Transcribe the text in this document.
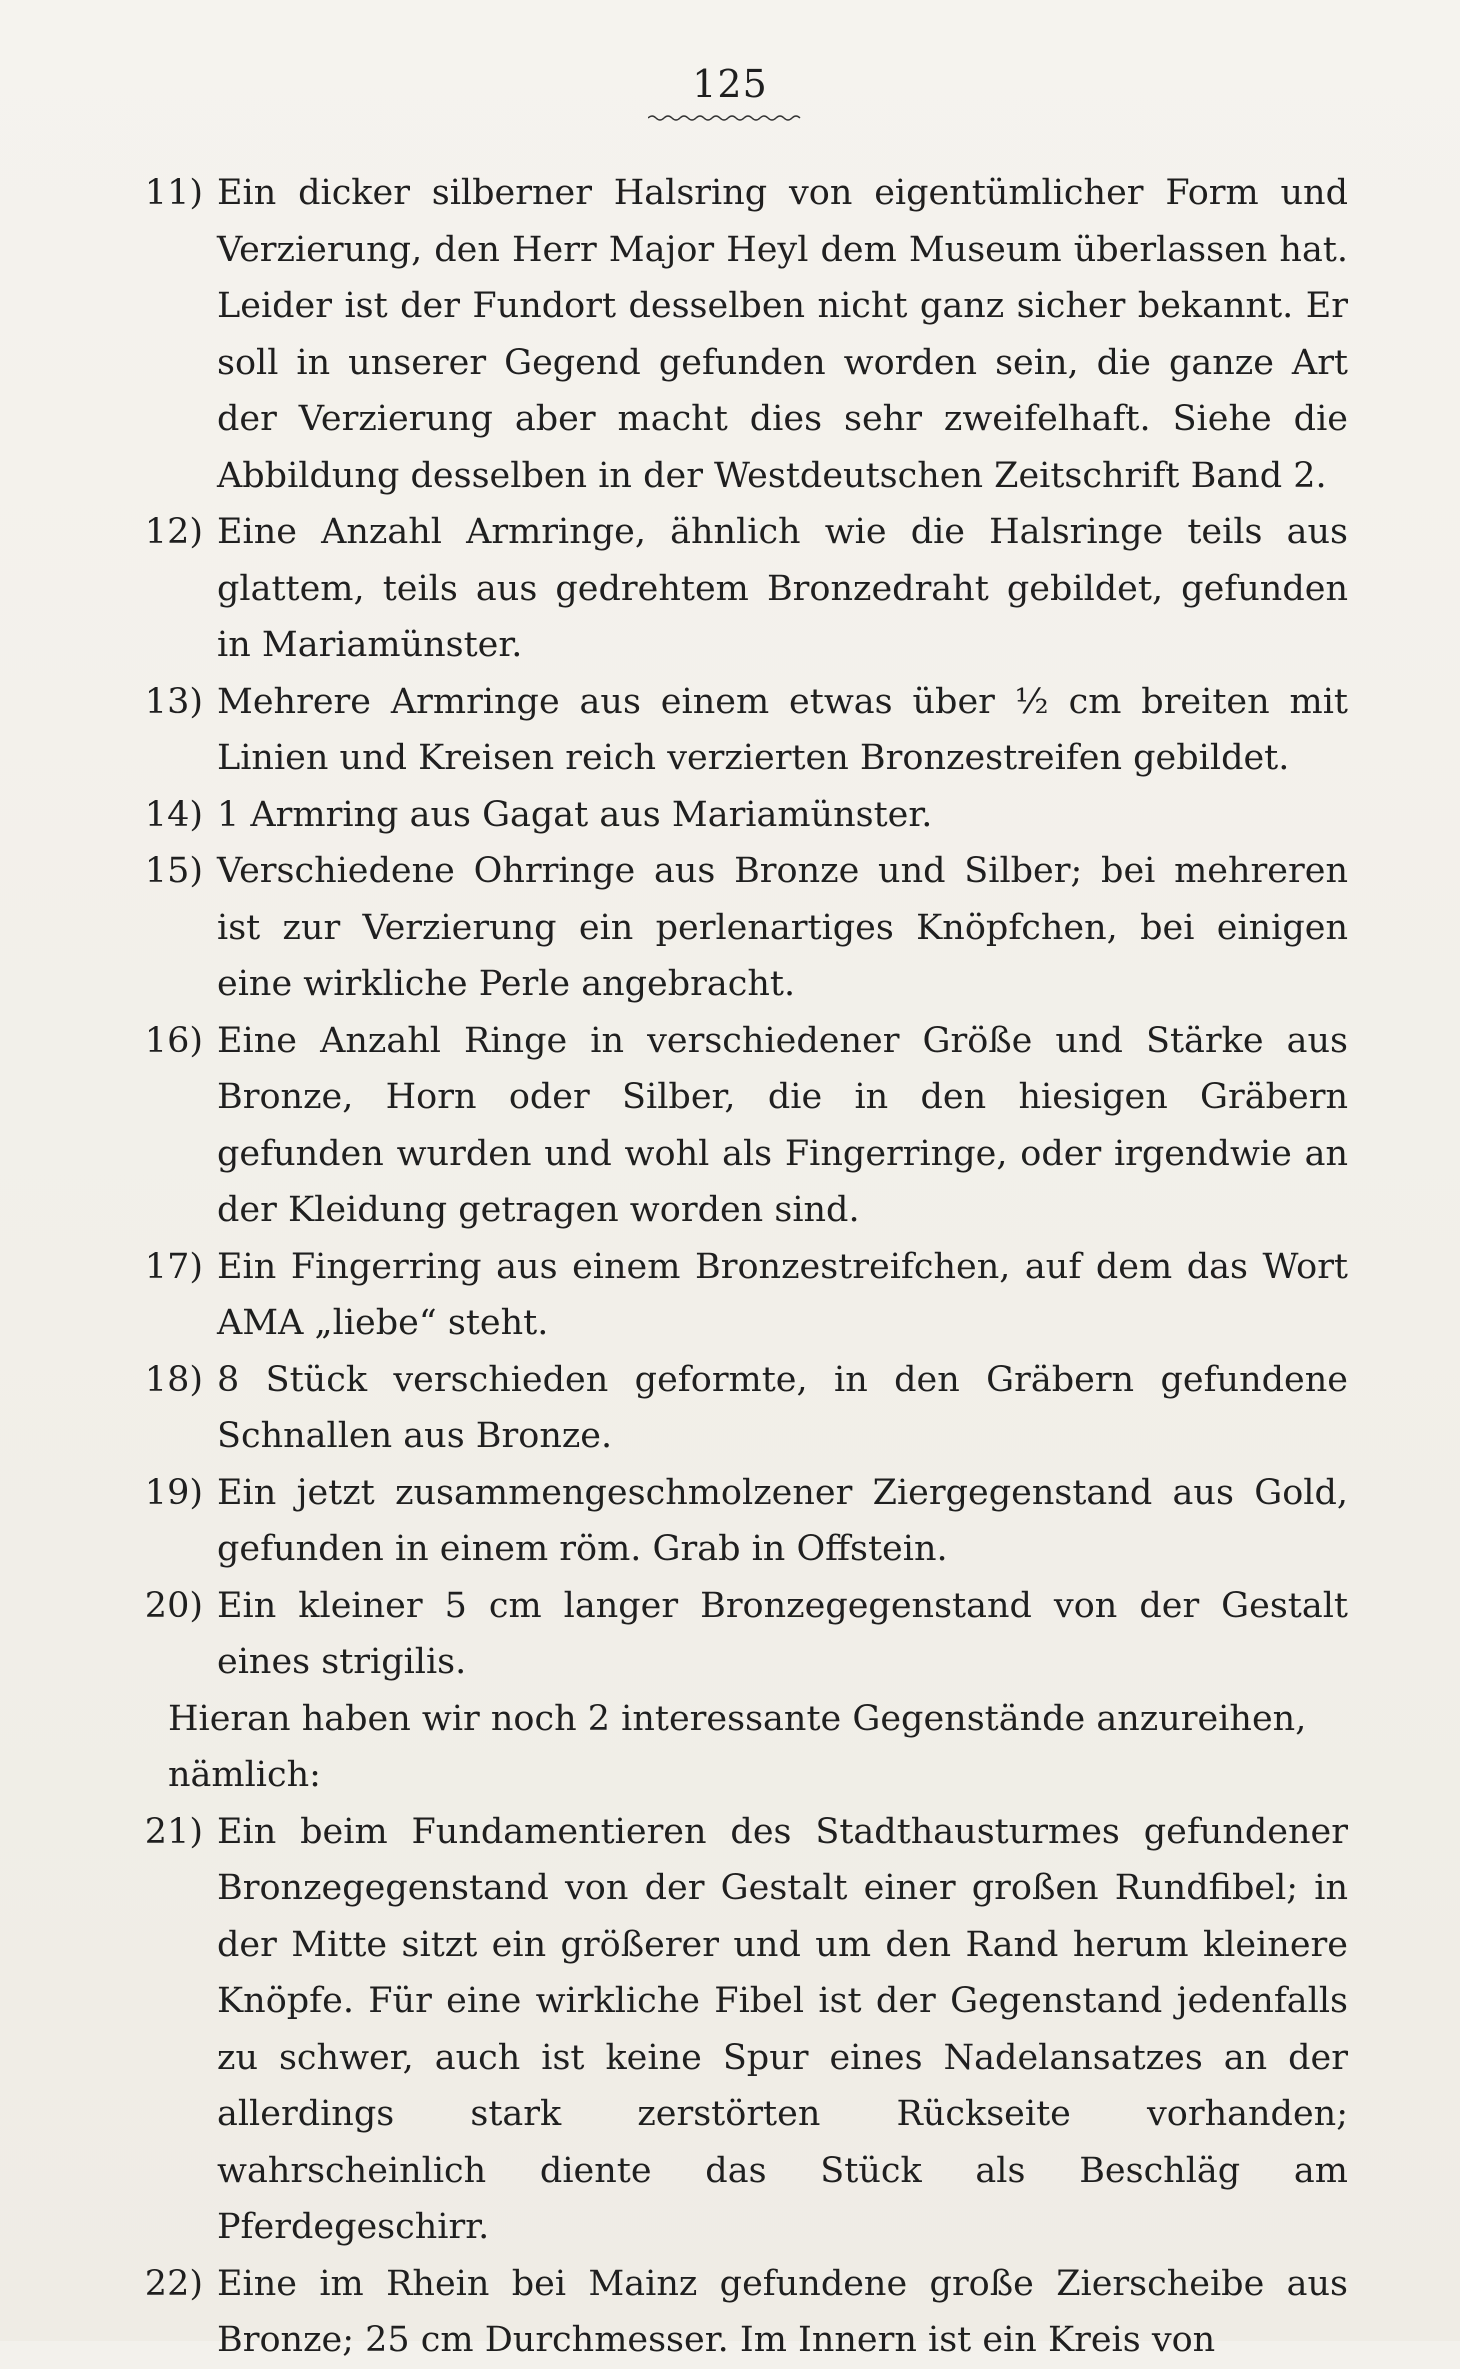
125
11) Ein dicker silberner Halsring von eigentümlicher Form und Verzierung, den Herr Major Heyl dem Museum überlassen hat. Leider ist der Fundort desselben nicht ganz sicher bekannt. Er soll in unserer Gegend gefunden worden sein, die ganze Art der Verzierung aber macht dies sehr zweifelhaft. Siehe die Abbildung desselben in der Westdeutschen Zeitschrift Band 2.
12) Eine Anzahl Armringe, ähnlich wie die Halsringe teils aus glattem, teils aus gedrehtem Bronzedraht gebildet, gefunden in Mariamünster.
13) Mehrere Armringe aus einem etwas über ½ cm breiten mit Linien und Kreisen reich verzierten Bronzestreifen gebildet.
14) 1 Armring aus Gagat aus Mariamünster.
15) Verschiedene Ohrringe aus Bronze und Silber; bei mehreren ist zur Verzierung ein perlenartiges Knöpfchen, bei einigen eine wirkliche Perle angebracht.
16) Eine Anzahl Ringe in verschiedener Größe und Stärke aus Bronze, Horn oder Silber, die in den hiesigen Gräbern gefunden wurden und wohl als Fingerringe, oder irgendwie an der Kleidung getragen worden sind.
17) Ein Fingerring aus einem Bronzestreifchen, auf dem das Wort AMA „liebe“ steht.
18) 8 Stück verschieden geformte, in den Gräbern gefundene Schnallen aus Bronze.
19) Ein jetzt zusammengeschmolzener Ziergegenstand aus Gold, gefunden in einem röm. Grab in Offstein.
20) Ein kleiner 5 cm langer Bronzegegenstand von der Gestalt eines strigilis.
Hieran haben wir noch 2 interessante Gegenstände anzureihen, nämlich:
21) Ein beim Fundamentieren des Stadthausturmes gefundener Bronzegegenstand von der Gestalt einer großen Rundfibel; in der Mitte sitzt ein größerer und um den Rand herum kleinere Knöpfe. Für eine wirkliche Fibel ist der Gegenstand jedenfalls zu schwer, auch ist keine Spur eines Nadelansatzes an der allerdings stark zerstörten Rückseite vorhanden; wahrscheinlich diente das Stück als Beschläg am Pferdegeschirr.
22) Eine im Rhein bei Mainz gefundene große Zierscheibe aus Bronze; 25 cm Durchmesser. Im Innern ist ein Kreis von
